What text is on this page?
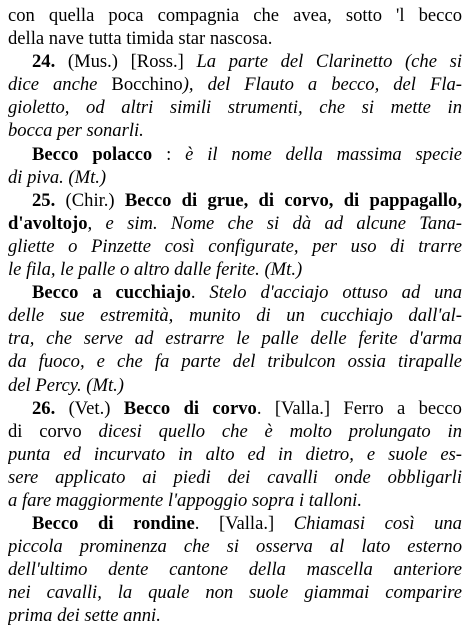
con quella poca compagnia che avea, sotto 'l becco
della nave tutta timida star nascosa.
24. (Mus.) [Ross.] La parte del Clarinetto (che si
dice anche Bocchino), del Flauto a becco, del Fla-
gioletto, od altri simili strumenti, che si mette in
bocca per sonarli.
Becco polacco : è il nome della massima specie
di piva. (Mt.)
25. (Chir.) Becco di grue, di corvo, di pappagallo,
d'avoltojo, e sim. Nome che si dà ad alcune Tana-
gliette o Pinzette così configurate, per uso di trarre
le fila, le palle o altro dalle ferite. (Mt.)
Becco a cucchiajo. Stelo d'acciajo ottuso ad una
delle sue estremità, munito di un cucchiajo dall'al-
tra, che serve ad estrarre le palle delle ferite d'arma
da fuoco, e che fa parte del tribulcon ossia tirapalle
del Percy. (Mt.)
26. (Vet.) Becco di corvo. [Valla.] Ferro a becco
di corvo dicesi quello che è molto prolungato in
punta ed incurvato in alto ed in dietro, e suole es-
sere applicato ai piedi dei cavalli onde obbligarli
a fare maggiormente l'appoggio sopra i talloni.
Becco di rondine. [Valla.] Chiamasi così una
piccola prominenza che si osserva al lato esterno
dell'ultimo dente cantone della mascella anteriore
nei cavalli, la quale non suole giammai comparire
prima dei sette anni.
